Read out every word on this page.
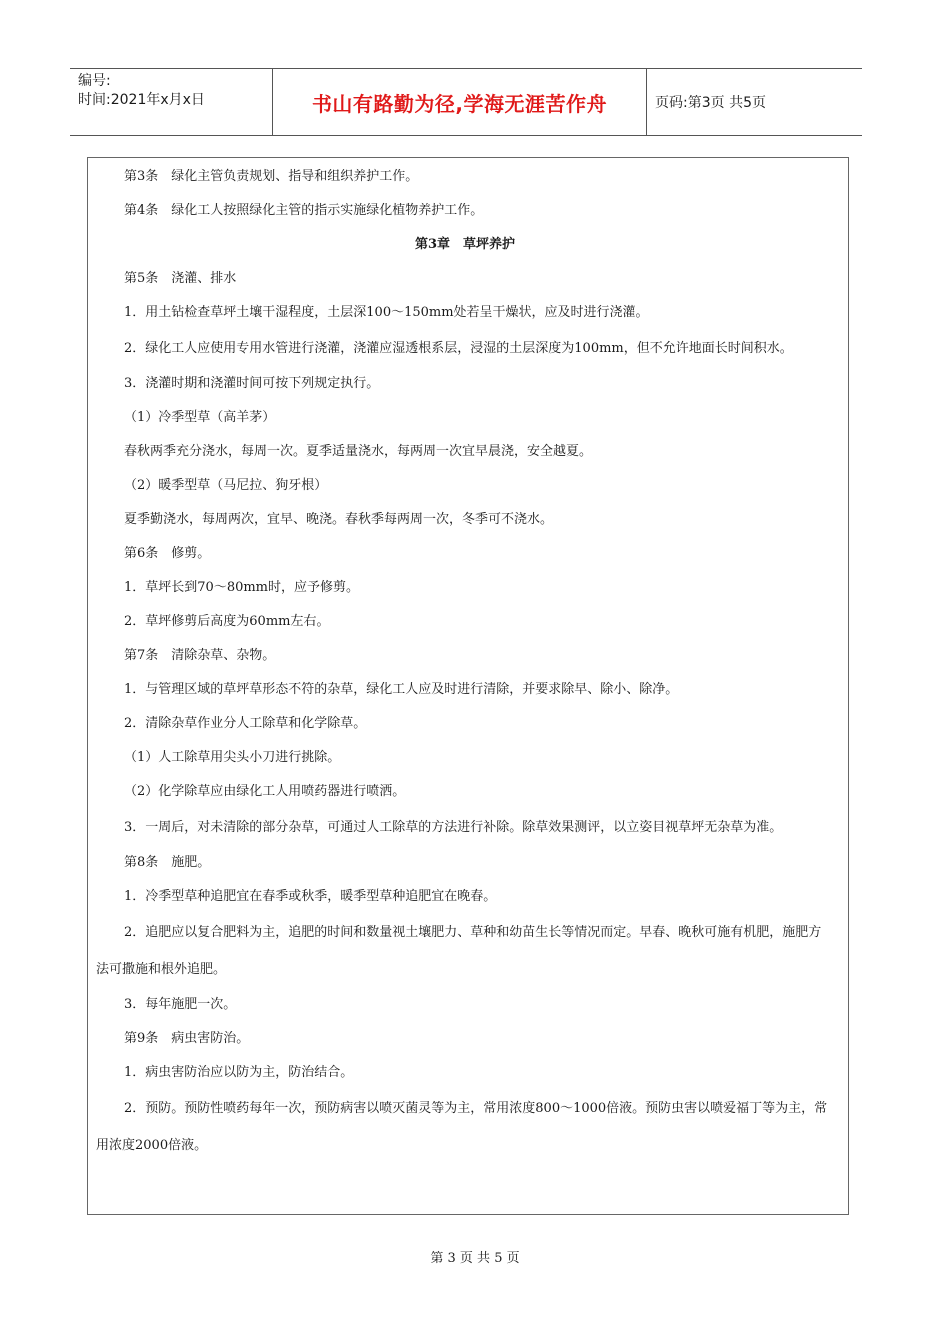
编号:
时间:2021年x月x日	书山有路勤为径,学海无涯苦作舟	页码:第3页 共5页

第3条　绿化主管负责规划、指导和组织养护工作。

第4条　绿化工人按照绿化主管的指示实施绿化植物养护工作。

第3章　草坪养护

第5条　浇灌、排水

1．用土钻检查草坪土壤干湿程度，土层深100～150mm处若呈干燥状，应及时进行浇灌。

2．绿化工人应使用专用水管进行浇灌，浇灌应湿透根系层，浸湿的土层深度为100mm，但不允许地面长时间积水。

3．浇灌时期和浇灌时间可按下列规定执行。

（1）冷季型草（高羊茅）

春秋两季充分浇水，每周一次。夏季适量浇水，每两周一次宜早晨浇，安全越夏。

（2）暖季型草（马尼拉、狗牙根）

夏季勤浇水，每周两次，宜早、晚浇。春秋季每两周一次，冬季可不浇水。

第6条　修剪。

1．草坪长到70～80mm时，应予修剪。

2．草坪修剪后高度为60mm左右。

第7条　清除杂草、杂物。

1．与管理区域的草坪草形态不符的杂草，绿化工人应及时进行清除，并要求除早、除小、除净。

2．清除杂草作业分人工除草和化学除草。

（1）人工除草用尖头小刀进行挑除。

（2）化学除草应由绿化工人用喷药器进行喷洒。

3．一周后，对未清除的部分杂草，可通过人工除草的方法进行补除。除草效果测评，以立姿目视草坪无杂草为准。

第8条　施肥。

1．冷季型草种追肥宜在春季或秋季，暖季型草种追肥宜在晚春。

2．追肥应以复合肥料为主，追肥的时间和数量视土壤肥力、草种和幼苗生长等情况而定。早春、晚秋可施有机肥，施肥方法可撒施和根外追肥。

3．每年施肥一次。

第9条　病虫害防治。

1．病虫害防治应以防为主，防治结合。

2．预防。预防性喷药每年一次，预防病害以喷灭菌灵等为主，常用浓度800～1000倍液。预防虫害以喷爱福丁等为主，常用浓度2000倍液。

第 3 页 共 5 页
